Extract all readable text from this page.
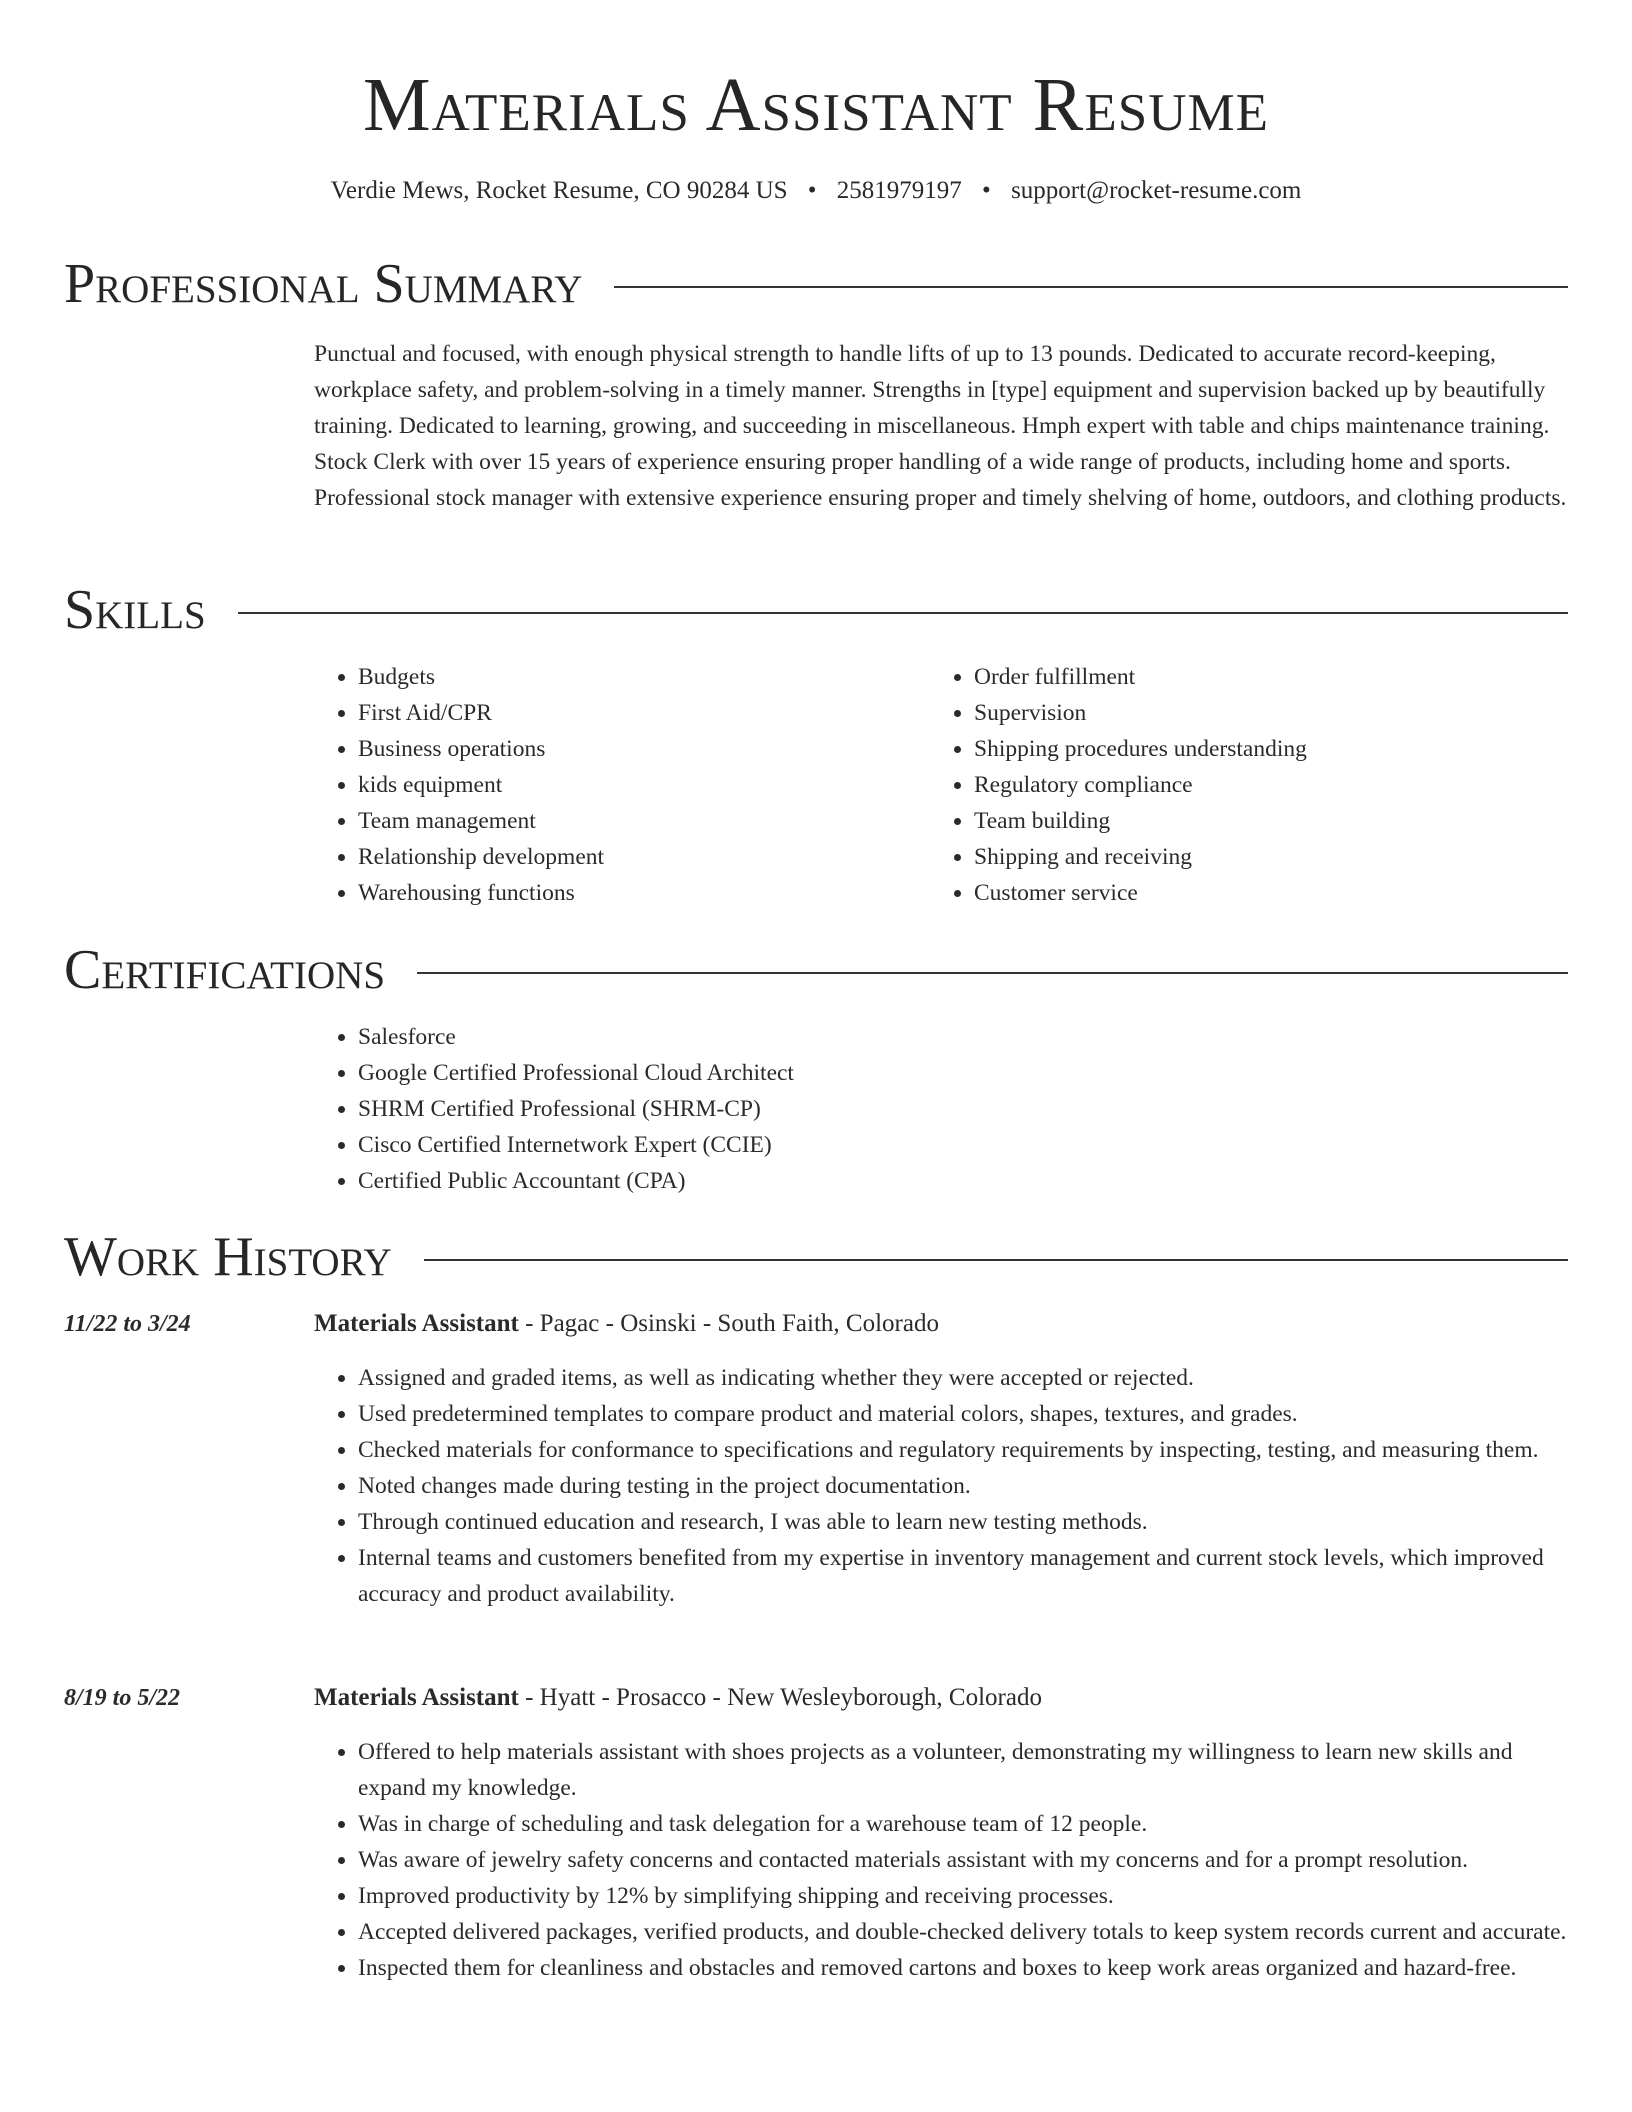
Materials Assistant Resume
Verdie Mews, Rocket Resume, CO 90284 US • 2581979197 • support@rocket-resume.com
Professional Summary
Punctual and focused, with enough physical strength to handle lifts of up to 13 pounds. Dedicated to accurate record-keeping, workplace safety, and problem-solving in a timely manner. Strengths in [type] equipment and supervision backed up by beautifully training. Dedicated to learning, growing, and succeeding in miscellaneous. Hmph expert with table and chips maintenance training. Stock Clerk with over 15 years of experience ensuring proper handling of a wide range of products, including home and sports. Professional stock manager with extensive experience ensuring proper and timely shelving of home, outdoors, and clothing products.
Skills
• Budgets
• First Aid/CPR
• Business operations
• kids equipment
• Team management
• Relationship development
• Warehousing functions
• Order fulfillment
• Supervision
• Shipping procedures understanding
• Regulatory compliance
• Team building
• Shipping and receiving
• Customer service
Certifications
• Salesforce
• Google Certified Professional Cloud Architect
• SHRM Certified Professional (SHRM-CP)
• Cisco Certified Internetwork Expert (CCIE)
• Certified Public Accountant (CPA)
Work History
11/22 to 3/24	Materials Assistant - Pagac - Osinski - South Faith, Colorado
• Assigned and graded items, as well as indicating whether they were accepted or rejected.
• Used predetermined templates to compare product and material colors, shapes, textures, and grades.
• Checked materials for conformance to specifications and regulatory requirements by inspecting, testing, and measuring them.
• Noted changes made during testing in the project documentation.
• Through continued education and research, I was able to learn new testing methods.
• Internal teams and customers benefited from my expertise in inventory management and current stock levels, which improved accuracy and product availability.
8/19 to 5/22	Materials Assistant - Hyatt - Prosacco - New Wesleyborough, Colorado
• Offered to help materials assistant with shoes projects as a volunteer, demonstrating my willingness to learn new skills and expand my knowledge.
• Was in charge of scheduling and task delegation for a warehouse team of 12 people.
• Was aware of jewelry safety concerns and contacted materials assistant with my concerns and for a prompt resolution.
• Improved productivity by 12% by simplifying shipping and receiving processes.
• Accepted delivered packages, verified products, and double-checked delivery totals to keep system records current and accurate.
• Inspected them for cleanliness and obstacles and removed cartons and boxes to keep work areas organized and hazard-free.
